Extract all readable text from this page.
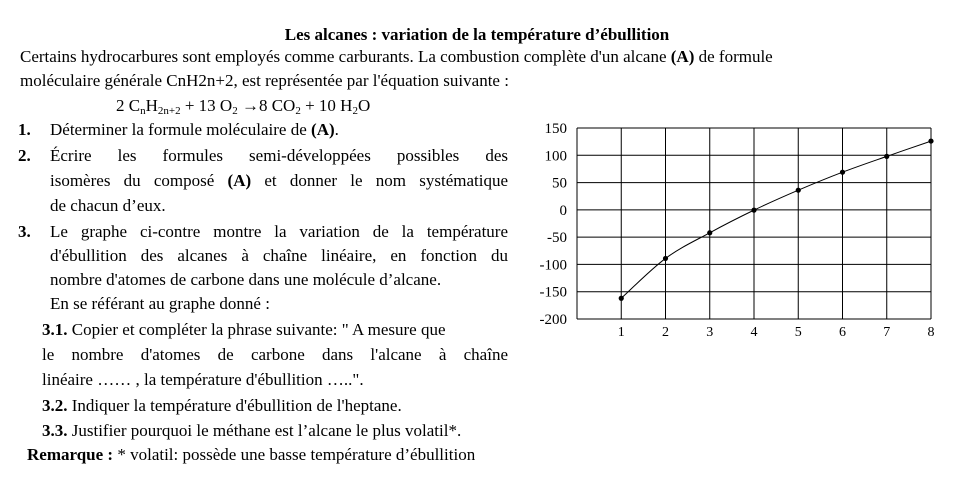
Les alcanes : variation de la température d’ébullition
Certains hydrocarbures sont employés comme carburants. La combustion complète d'un alcane (A) de formule
moléculaire générale CnH2n+2, est représentée par l'équation suivante :
2 $C_nH_{2n+2} + 13$ $O_2 \to 8$ $CO_2 + 10$ $H_2O$
1. Déterminer la formule moléculaire de (A).
2. Écrire les formules semi-développées possibles des
isomères du composé (A) et donner le nom systématique
de chacun d’eux.
3. Le graphe ci-contre montre la variation de la température
d'ébullition des alcanes à chaîne linéaire, en fonction du
nombre d'atomes de carbone dans une molécule d’alcane.
En se référant au graphe donné :
3.1. Copier et compléter la phrase suivante: " A mesure que
le nombre d'atomes de carbone dans l'alcane à chaîne
linéaire …… , la température d'ébullition …..".
3.2. Indiquer la température d'ébullition de l'heptane.
3.3. Justifier pourquoi le méthane est l’alcane le plus volatil*.
Remarque : * volatil: possède une basse température d’ébullition
150
100
50
0
-50
-100
-150
-200
1	2	3	4	5	6	7	8
